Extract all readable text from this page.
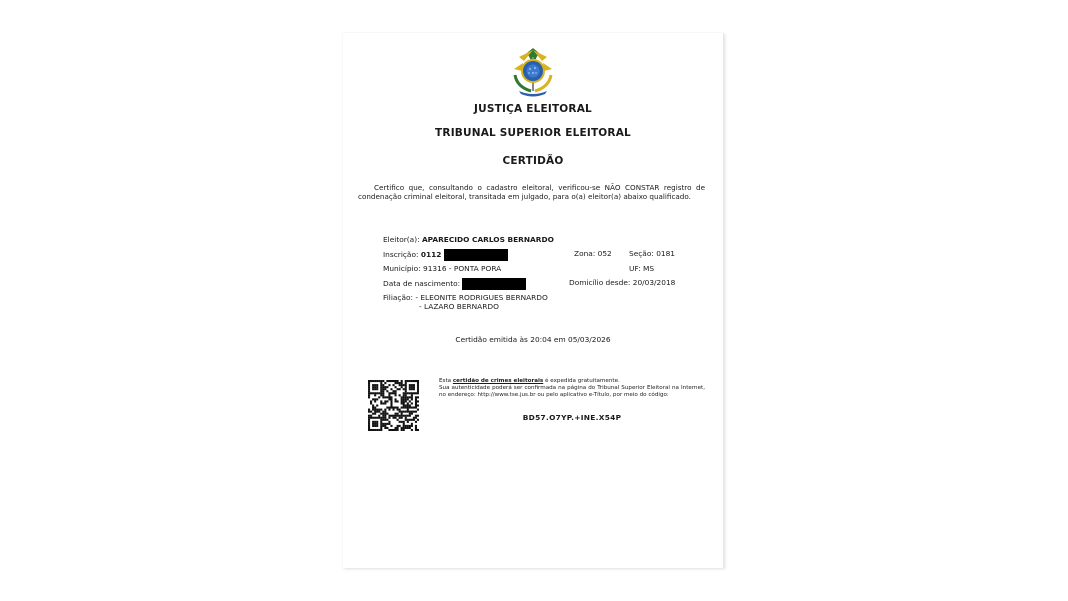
JUSTIÇA ELEITORAL
TRIBUNAL SUPERIOR ELEITORAL
CERTIDÃO
Certifico que, consultando o cadastro eleitoral, verificou-se NÃO CONSTAR registro de condenação criminal eleitoral, transitada em julgado, para o(a) eleitor(a) abaixo qualificado.
Eleitor(a): APARECIDO CARLOS BERNARDO
Inscrição: 0112	Zona: 052 Seção: 0181
Município: 91316 - PONTA PORA	UF: MS
Data de nascimento:	Domicílio desde: 20/03/2018
Filiação: - ELEONITE RODRIGUES BERNARDO
- LAZARO BERNARDO
Certidão emitida às 20:04 em 05/03/2026
Esta certidão de crimes eleitorais é expedida gratuitamente.
Sua autenticidade poderá ser confirmada na página do Tribunal Superior Eleitoral na Internet, no endereço: http://www.tse.jus.br ou pelo aplicativo e-Título, por meio do código:
BD57.O7YP.+INE.X54P
